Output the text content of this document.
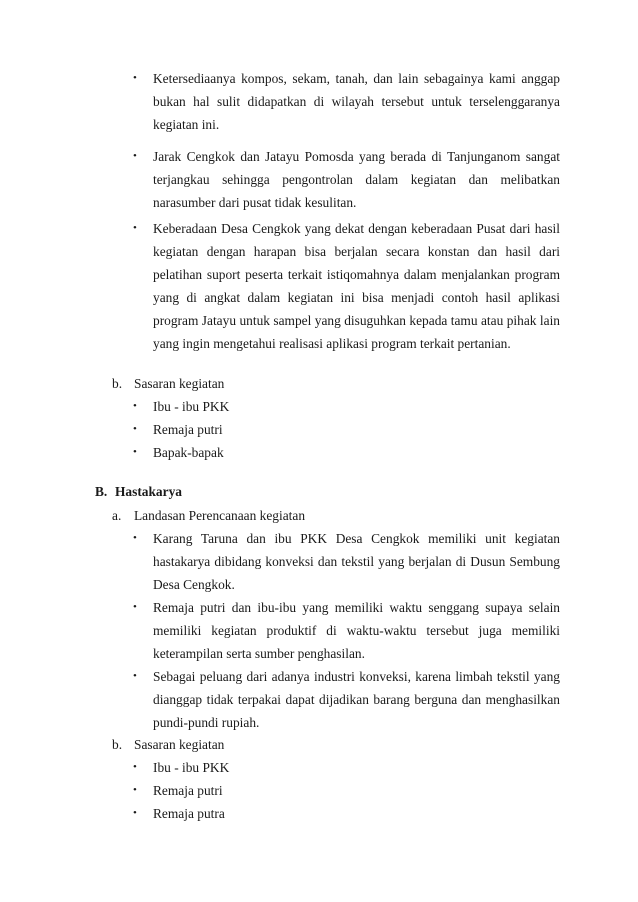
• Ketersediaanya kompos, sekam, tanah, dan lain sebagainya kami anggap bukan hal sulit didapatkan di wilayah tersebut untuk terselenggaranya kegiatan ini.
• Jarak Cengkok dan Jatayu Pomosda yang berada di Tanjunganom sangat terjangkau sehingga pengontrolan dalam kegiatan dan melibatkan narasumber dari pusat tidak kesulitan.
• Keberadaan Desa Cengkok yang dekat dengan keberadaan Pusat dari hasil kegiatan dengan harapan bisa berjalan secara konstan dan hasil dari pelatihan suport peserta terkait istiqomahnya dalam menjalankan program yang di angkat dalam kegiatan ini bisa menjadi contoh hasil aplikasi program Jatayu untuk sampel yang disuguhkan kepada tamu atau pihak lain yang ingin mengetahui realisasi aplikasi program terkait pertanian.
b. Sasaran kegiatan
• Ibu - ibu PKK
• Remaja putri
• Bapak-bapak
B. Hastakarya
a. Landasan Perencanaan kegiatan
• Karang Taruna dan ibu PKK Desa Cengkok memiliki unit kegiatan hastakarya dibidang konveksi dan tekstil yang berjalan di Dusun Sembung Desa Cengkok.
• Remaja putri dan ibu-ibu yang memiliki waktu senggang supaya selain memiliki kegiatan produktif di waktu-waktu tersebut juga memiliki keterampilan serta sumber penghasilan.
• Sebagai peluang dari adanya industri konveksi, karena limbah tekstil yang dianggap tidak terpakai dapat dijadikan barang berguna dan menghasilkan pundi-pundi rupiah.
b. Sasaran kegiatan
• Ibu - ibu PKK
• Remaja putri
• Remaja putra
